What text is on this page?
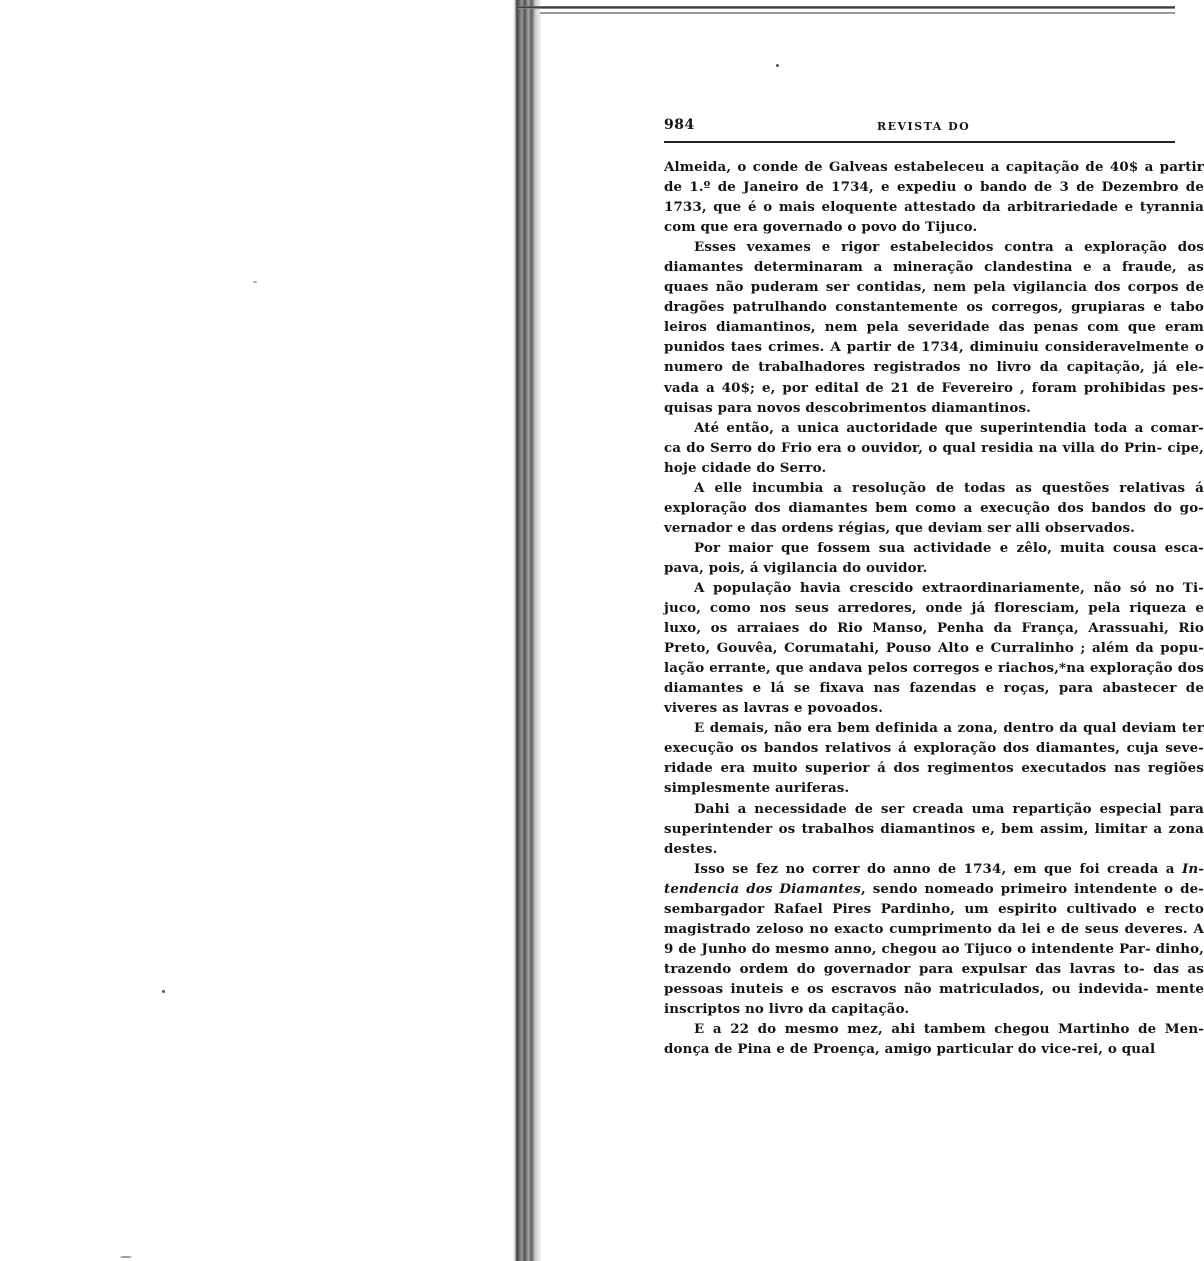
984	REVISTA DO

Almeida, o conde de Galveas estabeleceu a capitação de 40$ a partir de 1.º de Janeiro de 1734, e expediu o bando de 3 de Dezembro de 1733, que é o mais eloquente attestado da arbitrariedade e tyrannia com que era governado o povo do Tijuco.

Esses vexames e rigor estabelecidos contra a exploração dos diamantes determinaram a mineração clandestina e a fraude, as quaes não puderam ser contidas, nem pela vigilancia dos corpos de dragões patrulhando constantemente os corregos, grupiaras e tabo leiros diamantinos, nem pela severidade das penas com que eram punidos taes crimes. A partir de 1734, diminuiu consideravelmente o numero de trabalhadores registrados no livro da capitação, já ele- vada a 40$; e, por edital de 21 de Fevereiro , foram prohibidas pes- quisas para novos descobrimentos diamantinos.

Até então, a unica auctoridade que superintendia toda a comar- ca do Serro do Frio era o ouvidor, o qual residia na villa do Prin- cipe, hoje cidade do Serro.

A elle incumbia a resolução de todas as questões relativas á exploração dos diamantes bem como a execução dos bandos do go- vernador e das ordens régias, que deviam ser alli observados.

Por maior que fossem sua actividade e zêlo, muita cousa esca- pava, pois, á vigilancia do ouvidor.

A população havia crescido extraordinariamente, não só no Ti- juco, como nos seus arredores, onde já floresciam, pela riqueza e luxo, os arraiaes do Rio Manso, Penha da França, Arassuahi, Rio Preto, Gouvêa, Corumatahi, Pouso Alto e Curralinho ; além da popu- lação errante, que andava pelos corregos e riachos,*na exploração dos diamantes e lá se fixava nas fazendas e roças, para abastecer de viveres as lavras e povoados.

E demais, não era bem definida a zona, dentro da qual deviam ter execução os bandos relativos á exploração dos diamantes, cuja seve- ridade era muito superior á dos regimentos executados nas regiões simplesmente auriferas.

Dahi a necessidade de ser creada uma repartição especial para superintender os trabalhos diamantinos e, bem assim, limitar a zona destes.

Isso se fez no correr do anno de 1734, em que foi creada a In- tendencia dos Diamantes, sendo nomeado primeiro intendente o de- sembargador Rafael Pires Pardinho, um espirito cultivado e recto magistrado zeloso no exacto cumprimento da lei e de seus deveres. A 9 de Junho do mesmo anno, chegou ao Tijuco o intendente Par- dinho, trazendo ordem do governador para expulsar das lavras to- das as pessoas inuteis e os escravos não matriculados, ou indevida- mente inscriptos no livro da capitação.

E a 22 do mesmo mez, ahi tambem chegou Martinho de Men- donça de Pina e de Proença, amigo particular do vice-rei, o qual
